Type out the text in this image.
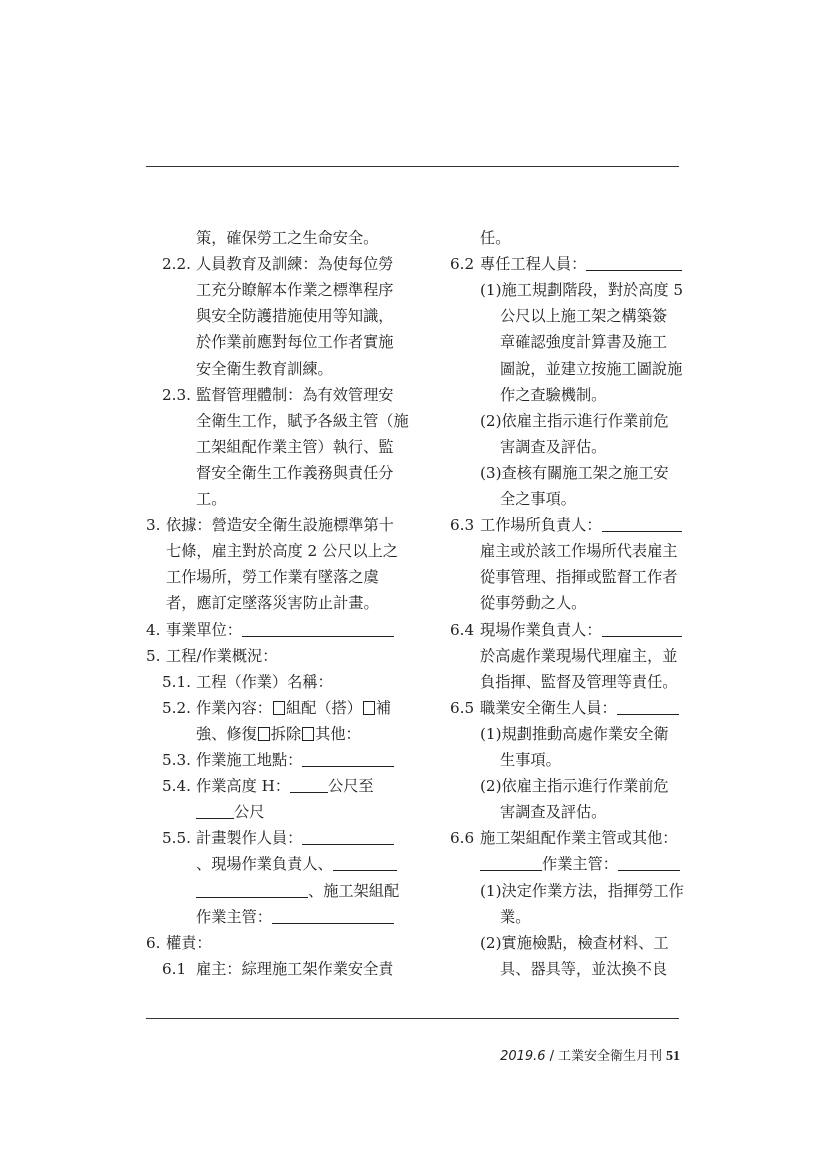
策，確保勞工之生命安全。
2.2. 人員教育及訓練：為使每位勞
工充分瞭解本作業之標準程序
與安全防護措施使用等知識，
於作業前應對每位工作者實施
安全衛生教育訓練。
2.3. 監督管理體制：為有效管理安
全衛生工作，賦予各級主管（施
工架組配作業主管）執行、監
督安全衛生工作義務與責任分
工。
3. 依據：營造安全衛生設施標準第十
七條，雇主對於高度 2 公尺以上之
工作場所，勞工作業有墜落之虞
者，應訂定墜落災害防止計畫。
4. 事業單位：
5. 工程/作業概況：
5.1. 工程（作業）名稱：
5.2. 作業內容： 組配（搭） 補
強、修復 拆除 其他：
5.3. 作業施工地點：
5.4. 作業高度 H：	公尺至
公尺
5.5. 計畫製作人員：
、現場作業負責人、
、施工架組配
作業主管：
6. 權責：
6.1 雇主：綜理施工架作業安全責
任。
6.2 專任工程人員：
(1)施工規劃階段，對於高度 5
公尺以上施工架之構築簽
章確認強度計算書及施工
圖說，並建立按施工圖說施
作之查驗機制。
(2)依雇主指示進行作業前危
害調查及評估。
(3)查核有關施工架之施工安
全之事項。
6.3 工作場所負責人：
雇主或於該工作場所代表雇主
從事管理、指揮或監督工作者
從事勞動之人。
6.4 現場作業負責人：
於高處作業現場代理雇主，並
負指揮、監督及管理等責任。
6.5 職業安全衛生人員：
(1)規劃推動高處作業安全衛
生事項。
(2)依雇主指示進行作業前危
害調查及評估。
6.6 施工架組配作業主管或其他：
作業主管：
(1)決定作業方法，指揮勞工作
業。
(2)實施檢點，檢查材料、工
具、器具等，並汰換不良
2019.6 / 工業安全衛生月刊 51
